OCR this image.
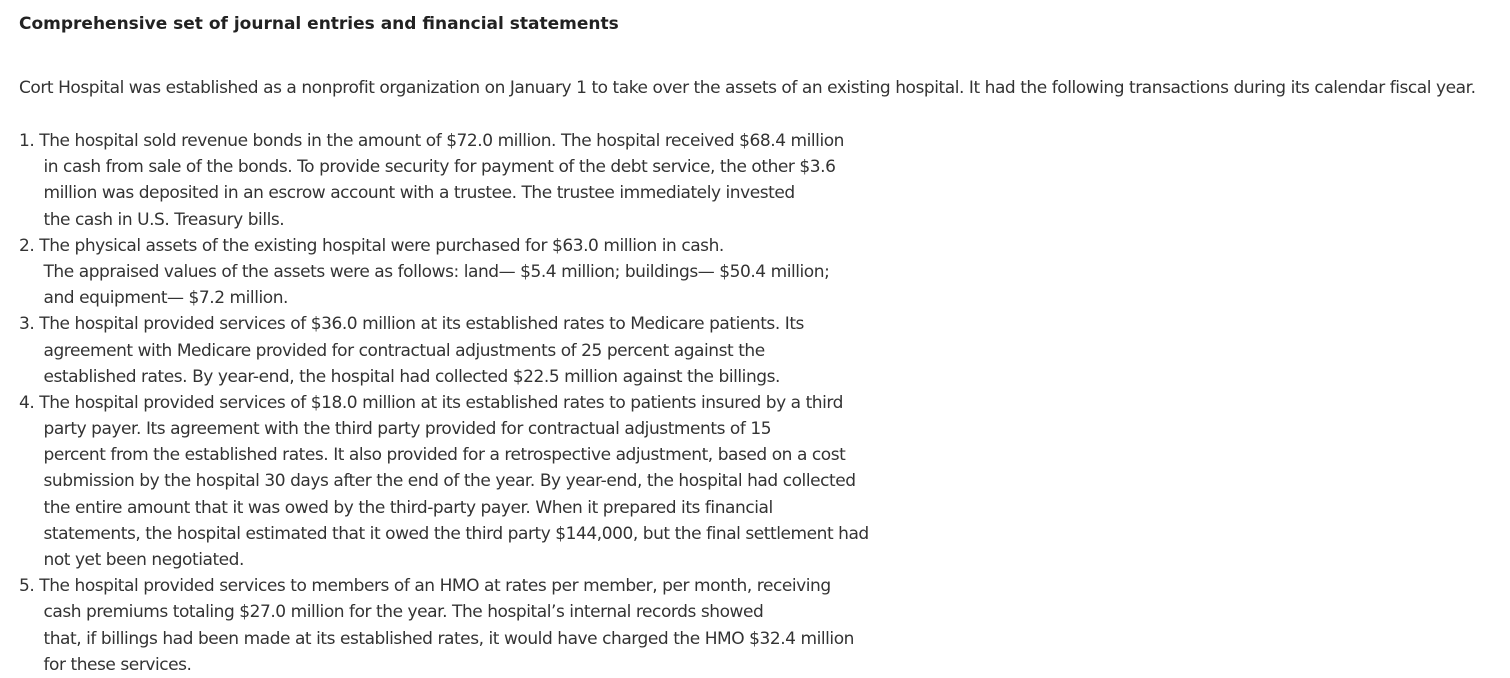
Comprehensive set of journal entries and financial statements
Cort Hospital was established as a nonprofit organization on January 1 to take over the assets of an existing hospital. It had the following transactions during its calendar fiscal year.
1. The hospital sold revenue bonds in the amount of $72.0 million. The hospital received $68.4 million
in cash from sale of the bonds. To provide security for payment of the debt service, the other $3.6
million was deposited in an escrow account with a trustee. The trustee immediately invested
the cash in U.S. Treasury bills.
2. The physical assets of the existing hospital were purchased for $63.0 million in cash.
The appraised values of the assets were as follows: land— $5.4 million; buildings— $50.4 million;
and equipment— $7.2 million.
3. The hospital provided services of $36.0 million at its established rates to Medicare patients. Its
agreement with Medicare provided for contractual adjustments of 25 percent against the
established rates. By year-end, the hospital had collected $22.5 million against the billings.
4. The hospital provided services of $18.0 million at its established rates to patients insured by a third
party payer. Its agreement with the third party provided for contractual adjustments of 15
percent from the established rates. It also provided for a retrospective adjustment, based on a cost
submission by the hospital 30 days after the end of the year. By year-end, the hospital had collected
the entire amount that it was owed by the third-party payer. When it prepared its financial
statements, the hospital estimated that it owed the third party $144,000, but the final settlement had
not yet been negotiated.
5. The hospital provided services to members of an HMO at rates per member, per month, receiving
cash premiums totaling $27.0 million for the year. The hospital’s internal records showed
that, if billings had been made at its established rates, it would have charged the HMO $32.4 million
for these services.
